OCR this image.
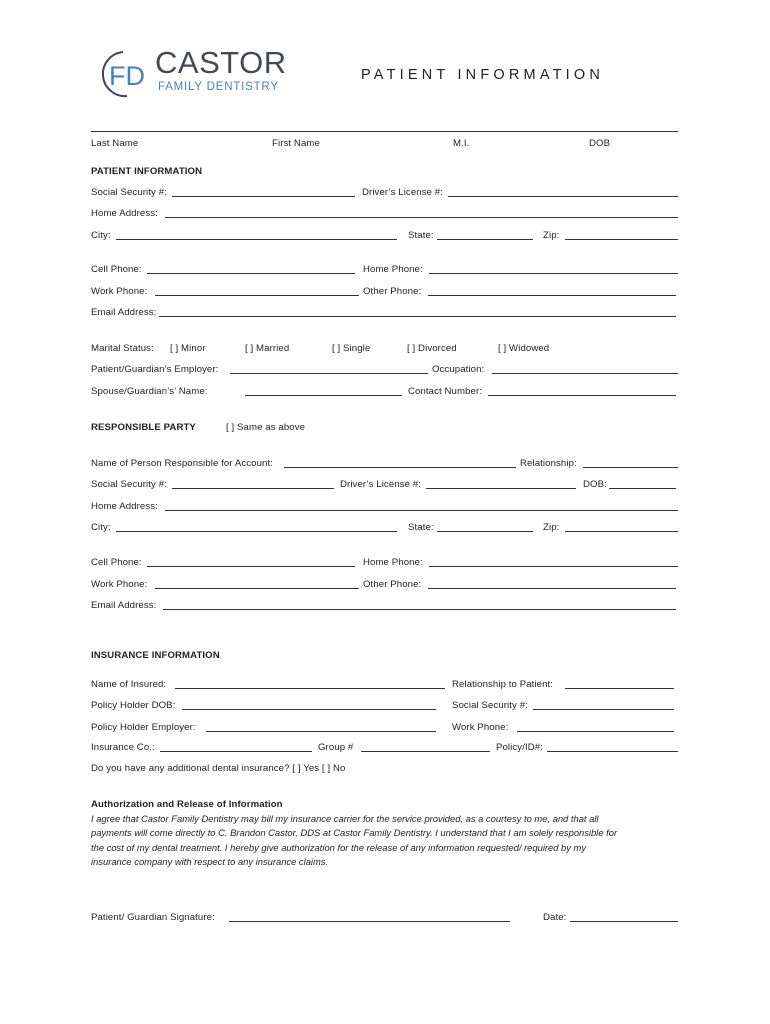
FD CASTOR
FAMILY DENTISTRY
PATIENT INFORMATION
Last Name	First Name	M.I.	DOB
PATIENT INFORMATION
Social Security #:	Driver’s License #:
Home Address:
City:	State:	Zip:
Cell Phone:	Home Phone:
Work Phone:	Other Phone:
Email Address:
Marital Status: [ ] Minor	[ ] Married	[ ] Single	[ ] Divorced	[ ] Widowed
Patient/Guardian’s Employer:	Occupation:
Spouse/Guardian’s’ Name:	Contact Number:
RESPONSIBLE PARTY	[ ] Same as above
Name of Person Responsible for Account:	Relationship:
Social Security #:	Driver’s License #:	DOB:
Home Address:
City:	State:	Zip:
Cell Phone:	Home Phone:
Work Phone:	Other Phone:
Email Address:
INSURANCE INFORMATION
Name of Insured:	Relationship to Patient:
Policy Holder DOB:	Social Security #:
Policy Holder Employer:	Work Phone:
Insurance Co.:	Group #	Policy/ID#:
Do you have any additional dental insurance? [ ] Yes [ ] No
Authorization and Release of Information
I agree that Castor Family Dentistry may bill my insurance carrier for the service provided, as a courtesy to me, and that all
payments will come directly to C. Brandon Castor, DDS at Castor Family Dentistry. I understand that I am solely responsible for
the cost of my dental treatment. I hereby give authorization for the release of any information requested/ required by my
insurance company with respect to any insurance claims.
Patient/ Guardian Signature:	Date:
